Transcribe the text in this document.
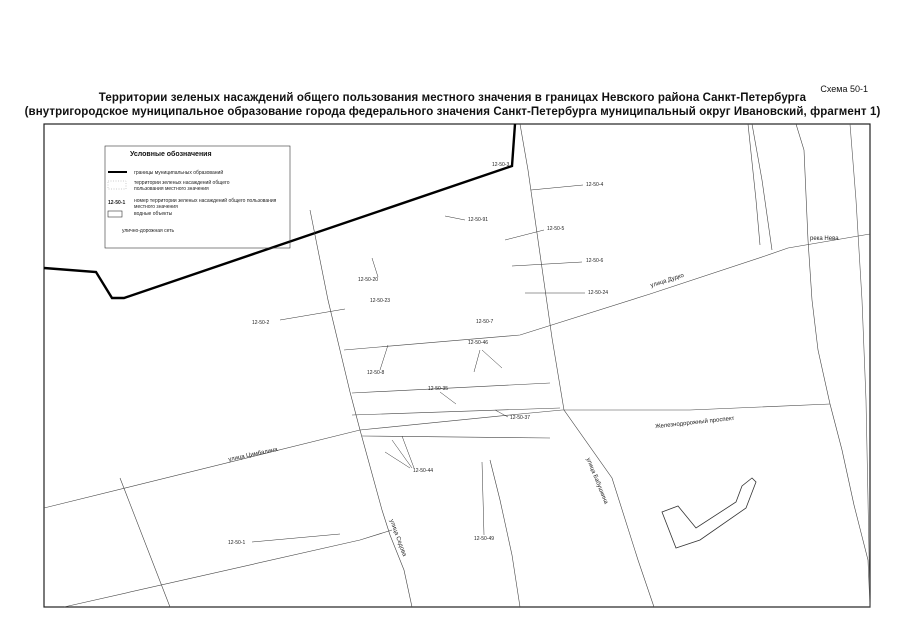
Схема 50-1
Территории зеленых насаждений общего пользования местного значения в границах Невского района Санкт-Петербурга
(внутригородское муниципальное образование города федерального значения Санкт-Петербурга муниципальный округ Ивановский, фрагмент 1)
Условные обозначения
границы муниципальных образований
территории зеленых насаждений общего пользования местного значения
12-50-1 номер территории зеленых насаждений общего пользования местного значения
водные объекты
улично-дорожная сеть
улица Дудко
Железнодорожный проспект
улица Цимбалина
улица Седова
улица Бабушкина
река Нева
12-50-3
12-50-4
12-50-91
12-50-5
12-50-6
12-50-20
12-50-24
12-50-23
12-50-2	12-50-7
12-50-46
12-50-8
12-50-35
12-50-37
12-50-44
12-50-1
12-50-49
